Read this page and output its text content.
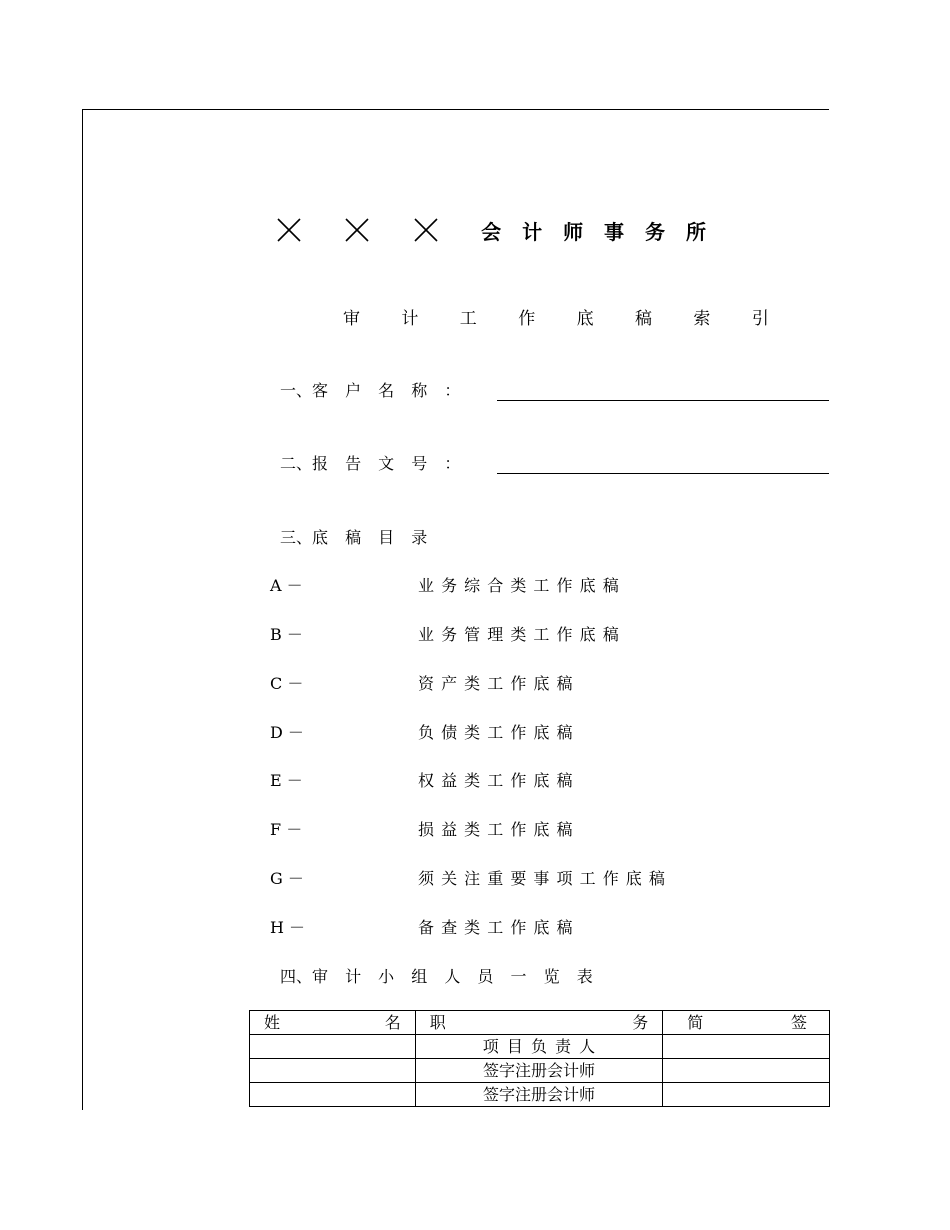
会 计 师 事 务 所
审 计 工 作 底 稿 索 引
一、客 户 名 称 ：
二、报 告 文 号 ：
三、底 稿 目 录
A －	业 务 综 合 类 工 作 底 稿
B －	业 务 管 理 类 工 作 底 稿
C －	资 产 类 工 作 底 稿
D －	负 债 类 工 作 底 稿
E －	权 益 类 工 作 底 稿
F －	损 益 类 工 作 底 稿
G －	须 关 注 重 要 事 项 工 作 底 稿
H －	备 查 类 工 作 底 稿
四、审 计 小 组 人 员 一 览 表
姓 名	职 务	简 签

	项 目 负 责 人	
	签字注册会计师	
	签字注册会计师	
